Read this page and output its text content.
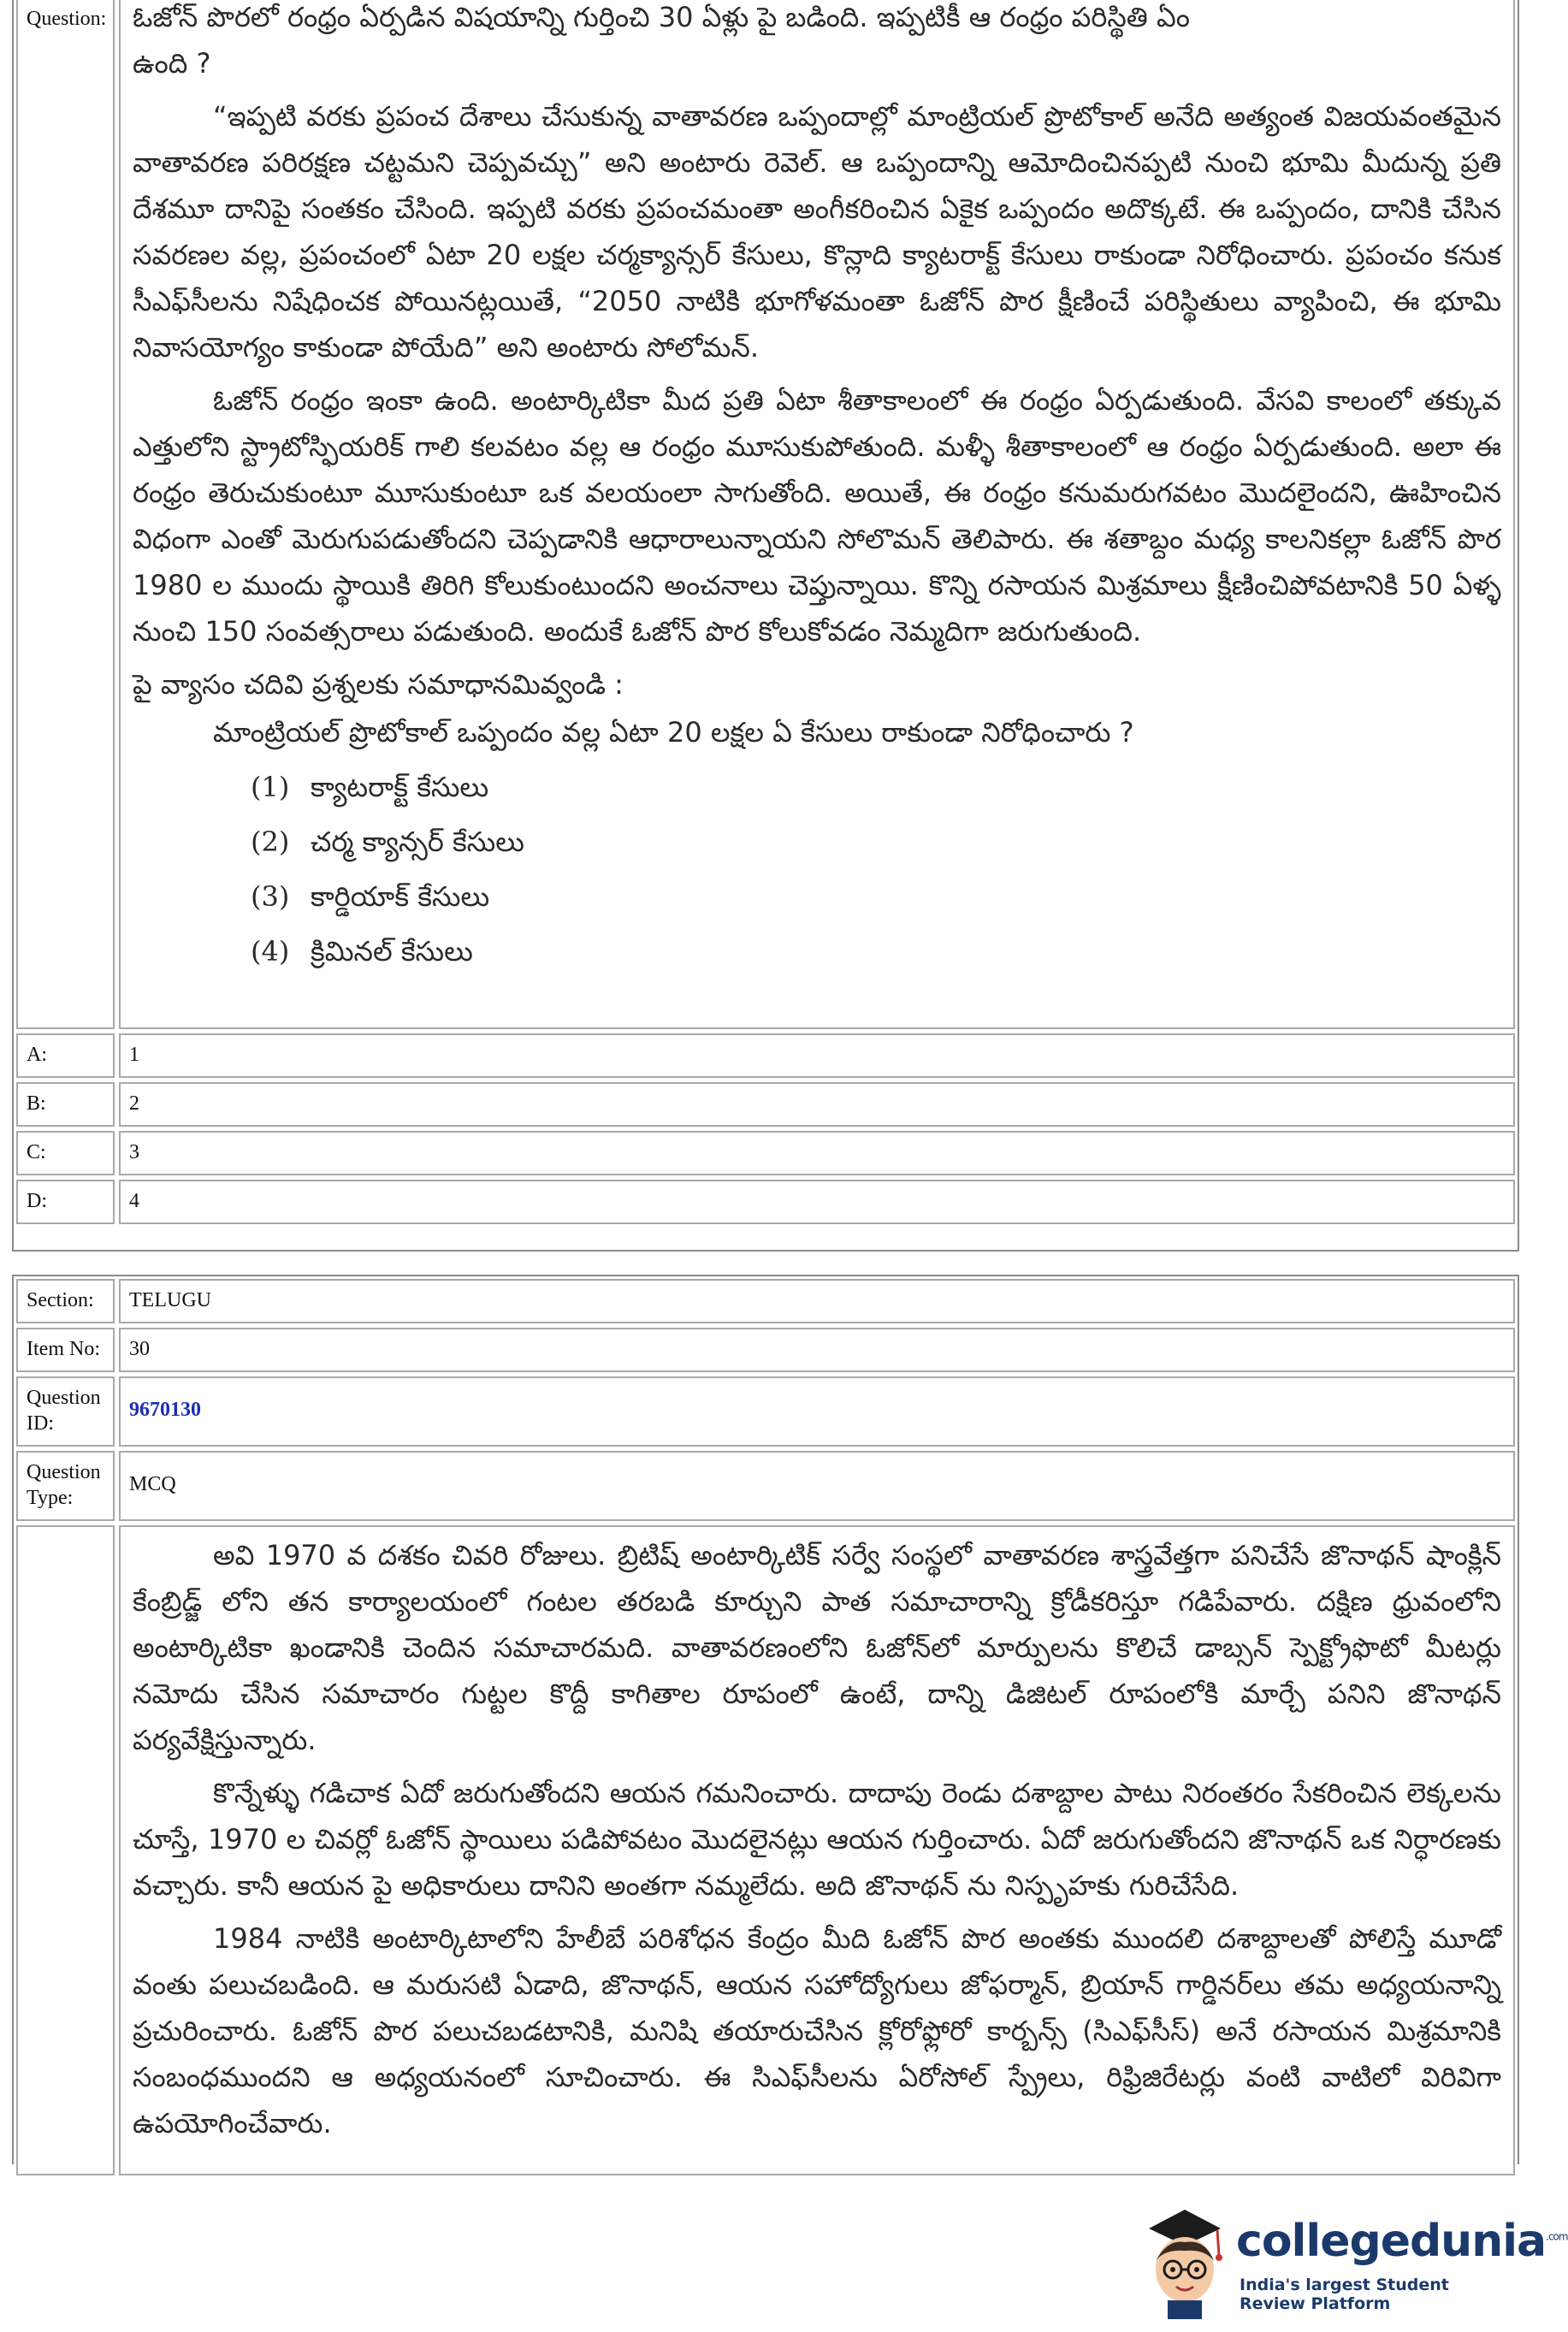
Question: ఓజోన్ పొరలో రంధ్రం ఏర్పడిన విషయాన్ని గుర్తించి 30 ఏళ్లు పై బడింది. ఇప్పటికీ ఆ రంధ్రం పరిస్థితి ఏం

ఉంది ?

“ఇప్పటి వరకు ప్రపంచ దేశాలు చేసుకున్న వాతావరణ ఒప్పందాల్లో మాంట్రియల్ ప్రొటోకాల్ అనేది అత్యంత విజయవంతమైన వాతావరణ పరిరక్షణ చట్టమని చెప్పవచ్చు” అని అంటారు రెవెల్. ఆ ఒప్పందాన్ని ఆమోదించినప్పటి నుంచి భూమి మీదున్న ప్రతి దేశమూ దానిపై సంతకం చేసింది. ఇప్పటి వరకు ప్రపంచమంతా అంగీకరించిన ఏకైక ఒప్పందం అదొక్కటే. ఈ ఒప్పందం, దానికి చేసిన సవరణల వల్ల, ప్రపంచంలో ఏటా 20 లక్షల చర్మక్యాన్సర్ కేసులు, కొన్లాది క్యాటరాక్ట్ కేసులు రాకుండా నిరోధించారు. ప్రపంచం కనుక సీఎఫ్‌సీలను నిషేధించక పోయినట్లయితే, “2050 నాటికి భూగోళమంతా ఓజోన్ పొర క్షీణించే పరిస్థితులు వ్యాపించి, ఈ భూమి నివాసయోగ్యం కాకుండా పోయేది” అని అంటారు సోలోమన్.

ఓజోన్ రంధ్రం ఇంకా ఉంది. అంటార్కిటికా మీద ప్రతి ఏటా శీతాకాలంలో ఈ రంధ్రం ఏర్పడుతుంది. వేసవి కాలంలో తక్కువ ఎత్తులోని స్ట్రాటోస్ఫియరిక్ గాలి కలవటం వల్ల ఆ రంధ్రం మూసుకుపోతుంది. మళ్ళీ శీతాకాలంలో ఆ రంధ్రం ఏర్పడుతుంది. అలా ఈ రంధ్రం తెరుచుకుంటూ మూసుకుంటూ ఒక వలయంలా సాగుతోంది. అయితే, ఈ రంధ్రం కనుమరుగవటం మొదలైందని, ఊహించిన విధంగా ఎంతో మెరుగుపడుతోందని చెప్పడానికి ఆధారాలున్నాయని సోలొమన్ తెలిపారు. ఈ శతాబ్దం మధ్య కాలనికల్లా ఓజోన్ పొర 1980 ల ముందు స్థాయికి తిరిగి కోలుకుంటుందని అంచనాలు చెప్తున్నాయి. కొన్ని రసాయన మిశ్రమాలు క్షీణించిపోవటానికి 50 ఏళ్ళ నుంచి 150 సంవత్సరాలు పడుతుంది. అందుకే ఓజోన్ పొర కోలుకోవడం నెమ్మదిగా జరుగుతుంది.

పై వ్యాసం చదివి ప్రశ్నలకు సమాధానమివ్వండి :

మాంట్రియల్ ప్రొటోకాల్ ఒప్పందం వల్ల ఏటా 20 లక్షల ఏ కేసులు రాకుండా నిరోధించారు ?

(1) క్యాటరాక్ట్ కేసులు
(2) చర్మ క్యాన్సర్ కేసులు
(3) కార్డియాక్ కేసులు
(4) క్రిమినల్ కేసులు
A:	1
B:	2
C:	3
D:	4
Section:	TELUGU
Item No:	30
Question ID:
9670130
Question Type:
MCQ

అవి 1970 వ దశకం చివరి రోజులు. బ్రిటిష్ అంటార్కిటిక్ సర్వే సంస్థలో వాతావరణ శాస్త్రవేత్తగా పనిచేసే జొనాథన్ షాంక్లిన్ కేంబ్రిడ్జ్ లోని తన కార్యాలయంలో గంటల తరబడి కూర్చుని పాత సమాచారాన్ని క్రోడీకరిస్తూ గడిపేవారు. దక్షిణ ధ్రువంలోని అంటార్కిటికా ఖండానికి చెందిన సమాచారమది. వాతావరణంలోని ఓజోన్‌లో మార్పులను కొలిచే డాబ్సన్ స్పెక్ట్రోఫొటో మీటర్లు నమోదు చేసిన సమాచారం గుట్టల కొద్దీ కాగితాల రూపంలో ఉంటే, దాన్ని డిజిటల్ రూపంలోకి మార్చే పనిని జొనాథన్ పర్యవేక్షిస్తున్నారు.

కొన్నేళ్ళు గడిచాక ఏదో జరుగుతోందని ఆయన గమనించారు. దాదాపు రెండు దశాబ్దాల పాటు నిరంతరం సేకరించిన లెక్కలను చూస్తే, 1970 ల చివర్లో ఓజోన్ స్థాయిలు పడిపోవటం మొదలైనట్లు ఆయన గుర్తించారు. ఏదో జరుగుతోందని జొనాథన్ ఒక నిర్ధారణకు వచ్చారు. కానీ ఆయన పై అధికారులు దానిని అంతగా నమ్మలేదు. అది జొనాథన్ ను నిస్పృహకు గురిచేసేది.

1984 నాటికి అంటార్కిటాలోని హేలీబే పరిశోధన కేంద్రం మీది ఓజోన్ పొర అంతకు ముందలి దశాబ్దాలతో పోలిస్తే మూడో వంతు పలుచబడింది. ఆ మరుసటి ఏడాది, జొనాథన్, ఆయన సహోద్యోగులు జోఫర్మాన్, బ్రియాన్ గార్డినర్‌లు తమ అధ్యయనాన్ని ప్రచురించారు. ఓజోన్ పొర పలుచబడటానికి, మనిషి తయారుచేసిన క్లోరోఫ్లోరో కార్బన్స్ (సిఎఫ్‌సీస్) అనే రసాయన మిశ్రమానికి సంబంధముందని ఆ అధ్యయనంలో సూచించారు. ఈ సిఎఫ్‌సీలను ఏరోసోల్ స్ప్రేలు, రిఫ్రిజిరేటర్లు వంటి వాటిలో విరివిగా ఉపయోగించేవారు.

collegedunia$^{.com}$
India's largest Student Review Platform
